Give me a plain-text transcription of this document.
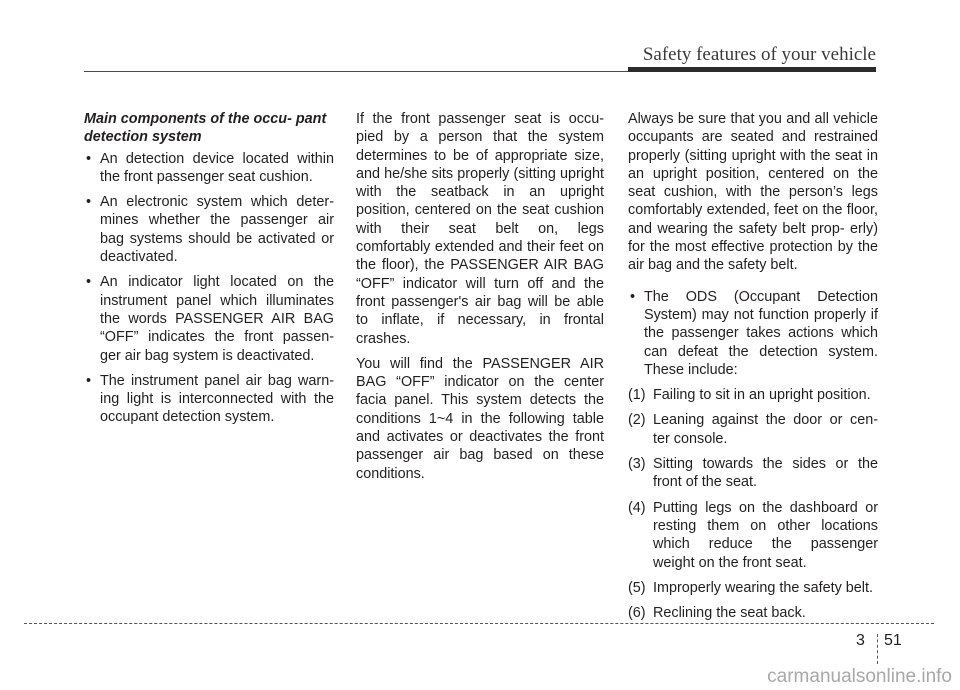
Safety features of your vehicle
Main components of the occu- pant detection system
• An detection device located within the front passenger seat cushion.
• An electronic system which deter- mines whether the passenger air bag systems should be activated or deactivated.
• An indicator light located on the instrument panel which illuminates the words PASSENGER AIR BAG “OFF” indicates the front passen- ger air bag system is deactivated.
• The instrument panel air bag warn- ing light is interconnected with the occupant detection system.

If the front passenger seat is occu- pied by a person that the system determines to be of appropriate size, and he/she sits properly (sitting upright with the seatback in an upright position, centered on the seat cushion with their seat belt on, legs comfortably extended and their feet on the floor), the PASSENGER AIR BAG “OFF” indicator will turn off and the front passenger's air bag will be able to inflate, if necessary, in frontal crashes.

You will find the PASSENGER AIR BAG “OFF” indicator on the center facia panel. This system detects the conditions 1~4 in the following table and activates or deactivates the front passenger air bag based on these conditions.

Always be sure that you and all vehicle occupants are seated and restrained properly (sitting upright with the seat in an upright position, centered on the seat cushion, with the person’s legs comfortably extended, feet on the floor, and wearing the safety belt prop- erly) for the most effective protection by the air bag and the safety belt.

• The ODS (Occupant Detection System) may not function properly if the passenger takes actions which can defeat the detection system. These include:
(1) Failing to sit in an upright position.
(2) Leaning against the door or cen- ter console.
(3) Sitting towards the sides or the front of the seat.
(4) Putting legs on the dashboard or resting them on other locations which reduce the passenger weight on the front seat.
(5) Improperly wearing the safety belt.
(6) Reclining the seat back.
3 51
carmanualsonline.info
